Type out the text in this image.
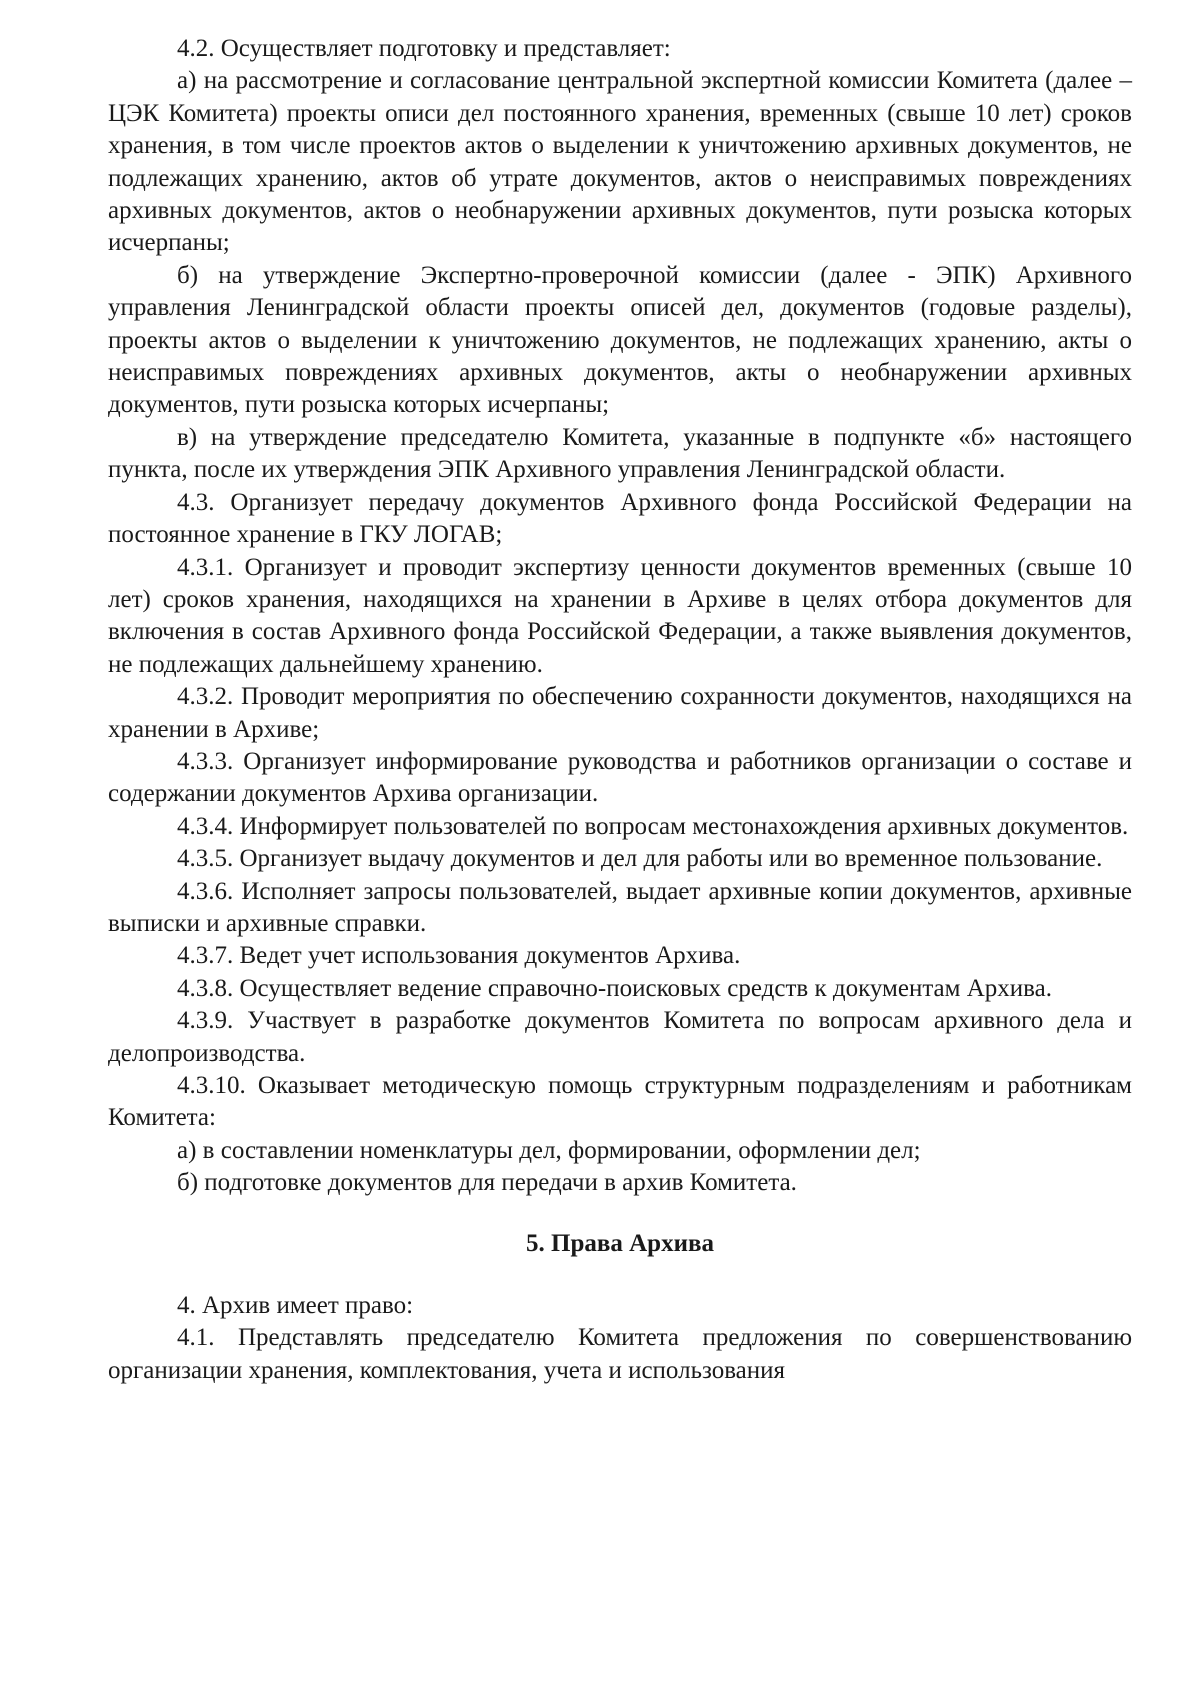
4.2. Осуществляет подготовку и представляет:

а) на рассмотрение и согласование центральной экспертной комиссии Комитета (далее – ЦЭК Комитета) проекты описи дел постоянного хранения, временных (свыше 10 лет) сроков хранения, в том числе проектов актов о выделении к уничтожению архивных документов, не подлежащих хранению, актов об утрате документов, актов о неисправимых повреждениях архивных документов, актов о необнаружении архивных документов, пути розыска которых исчерпаны;

б) на утверждение Экспертно-проверочной комиссии (далее - ЭПК) Архивного управления Ленинградской области проекты описей дел, документов (годовые разделы), проекты актов о выделении к уничтожению документов, не подлежащих хранению, акты о неисправимых повреждениях архивных документов, акты о необнаружении архивных документов, пути розыска которых исчерпаны;

в) на утверждение председателю Комитета, указанные в подпункте «б» настоящего пункта, после их утверждения ЭПК Архивного управления Ленинградской области.

4.3. Организует передачу документов Архивного фонда Российской Федерации на постоянное хранение в ГКУ ЛОГАВ;

4.3.1. Организует и проводит экспертизу ценности документов временных (свыше 10 лет) сроков хранения, находящихся на хранении в Архиве в целях отбора документов для включения в состав Архивного фонда Российской Федерации, а также выявления документов, не подлежащих дальнейшему хранению.

4.3.2. Проводит мероприятия по обеспечению сохранности документов, находящихся на хранении в Архиве;

4.3.3. Организует информирование руководства и работников организации о составе и содержании документов Архива организации.

4.3.4. Информирует пользователей по вопросам местонахождения архивных документов.

4.3.5. Организует выдачу документов и дел для работы или во временное пользование.

4.3.6. Исполняет запросы пользователей, выдает архивные копии документов, архивные выписки и архивные справки.

4.3.7. Ведет учет использования документов Архива.

4.3.8. Осуществляет ведение справочно-поисковых средств к документам Архива.

4.3.9. Участвует в разработке документов Комитета по вопросам архивного дела и делопроизводства.

4.3.10. Оказывает методическую помощь структурным подразделениям и работникам Комитета:

а) в составлении номенклатуры дел, формировании, оформлении дел;

б) подготовке документов для передачи в архив Комитета.

5. Права Архива

4. Архив имеет право:

4.1. Представлять председателю Комитета предложения по совершенствованию организации хранения, комплектования, учета и использования
